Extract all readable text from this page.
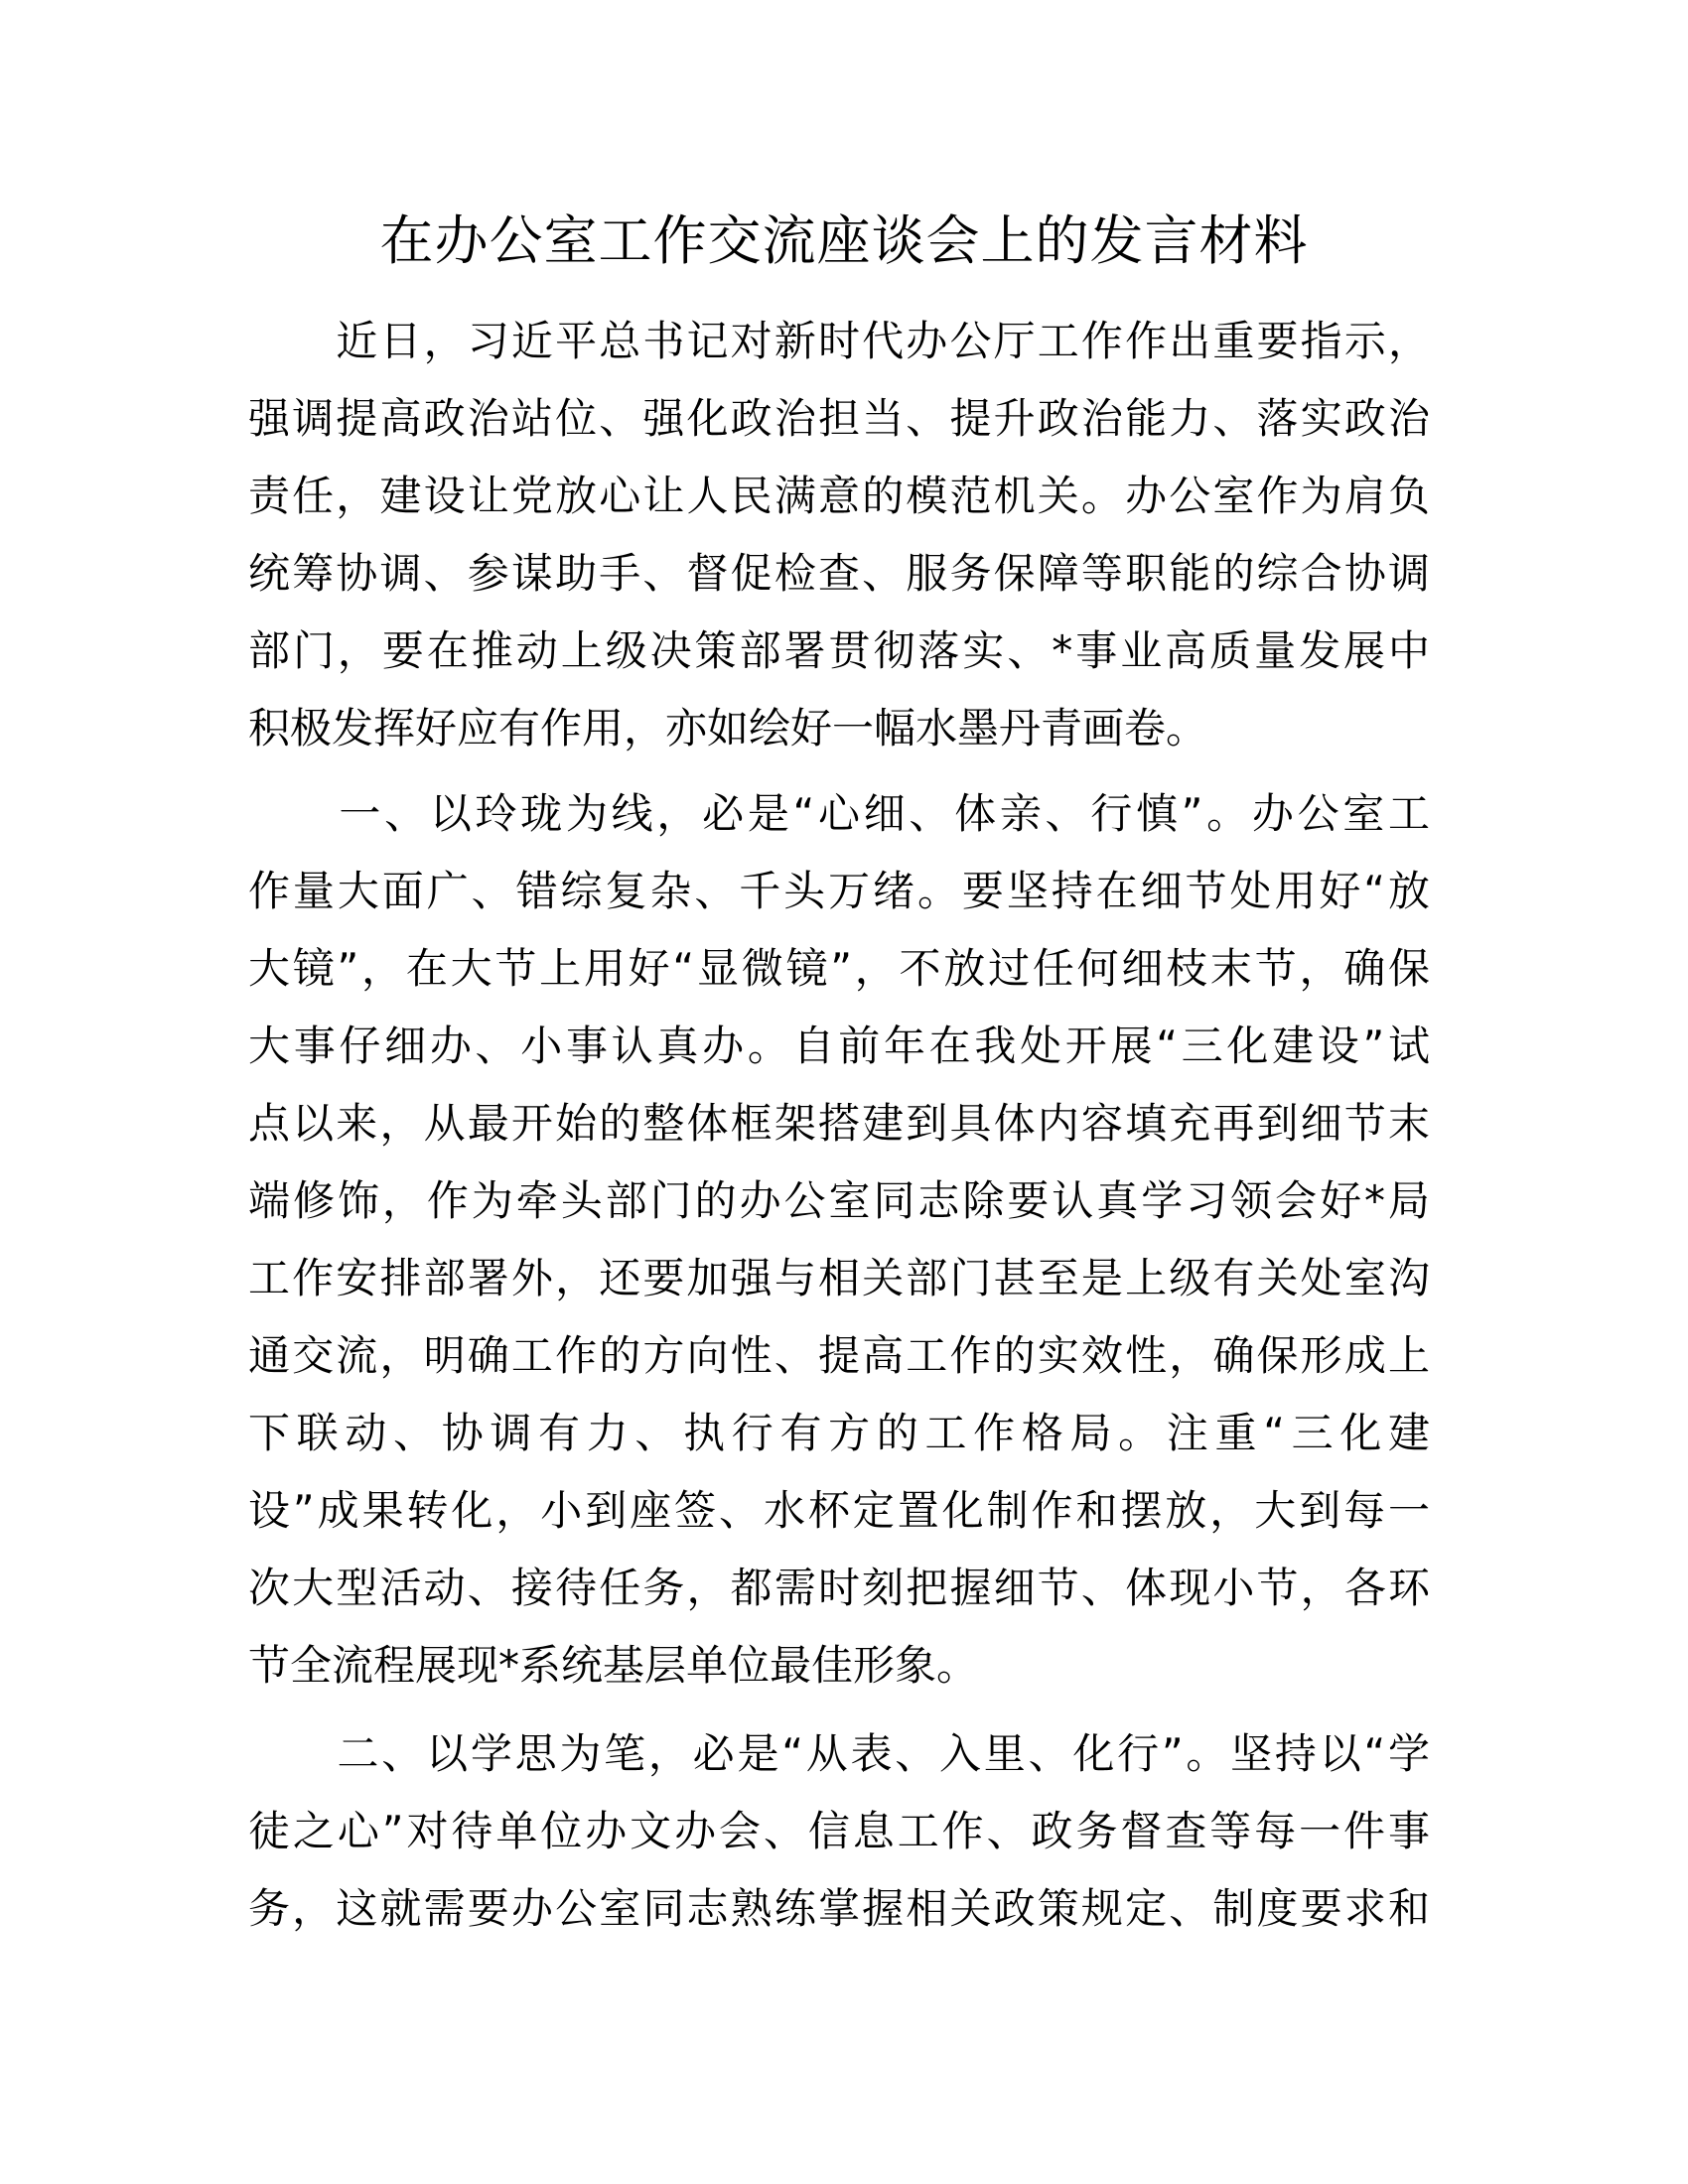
在办公室工作交流座谈会上的发言材料

　　近日，习近平总书记对新时代办公厅工作作出重要指示，
强调提高政治站位、强化政治担当、提升政治能力、落实政治
责任，建设让党放心让人民满意的模范机关。办公室作为肩负
统筹协调、参谋助手、督促检查、服务保障等职能的综合协调
部门，要在推动上级决策部署贯彻落实、*事业高质量发展中
积极发挥好应有作用，亦如绘好一幅水墨丹青画卷。

　　一、以玲珑为线，必是“心细、体亲、行慎”。办公室工
作量大面广、错综复杂、千头万绪。要坚持在细节处用好“放
大镜”，在大节上用好“显微镜”，不放过任何细枝末节，确保
大事仔细办、小事认真办。自前年在我处开展“三化建设”试
点以来，从最开始的整体框架搭建到具体内容填充再到细节末
端修饰，作为牵头部门的办公室同志除要认真学习领会好*局
工作安排部署外，还要加强与相关部门甚至是上级有关处室沟
通交流，明确工作的方向性、提高工作的实效性，确保形成上
下联动、协调有力、执行有方的工作格局。注重“三化建
设”成果转化，小到座签、水杯定置化制作和摆放，大到每一
次大型活动、接待任务，都需时刻把握细节、体现小节，各环
节全流程展现*系统基层单位最佳形象。

　　二、以学思为笔，必是“从表、入里、化行”。坚持以“学
徒之心”对待单位办文办会、信息工作、政务督查等每一件事
务，这就需要办公室同志熟练掌握相关政策规定、制度要求和
